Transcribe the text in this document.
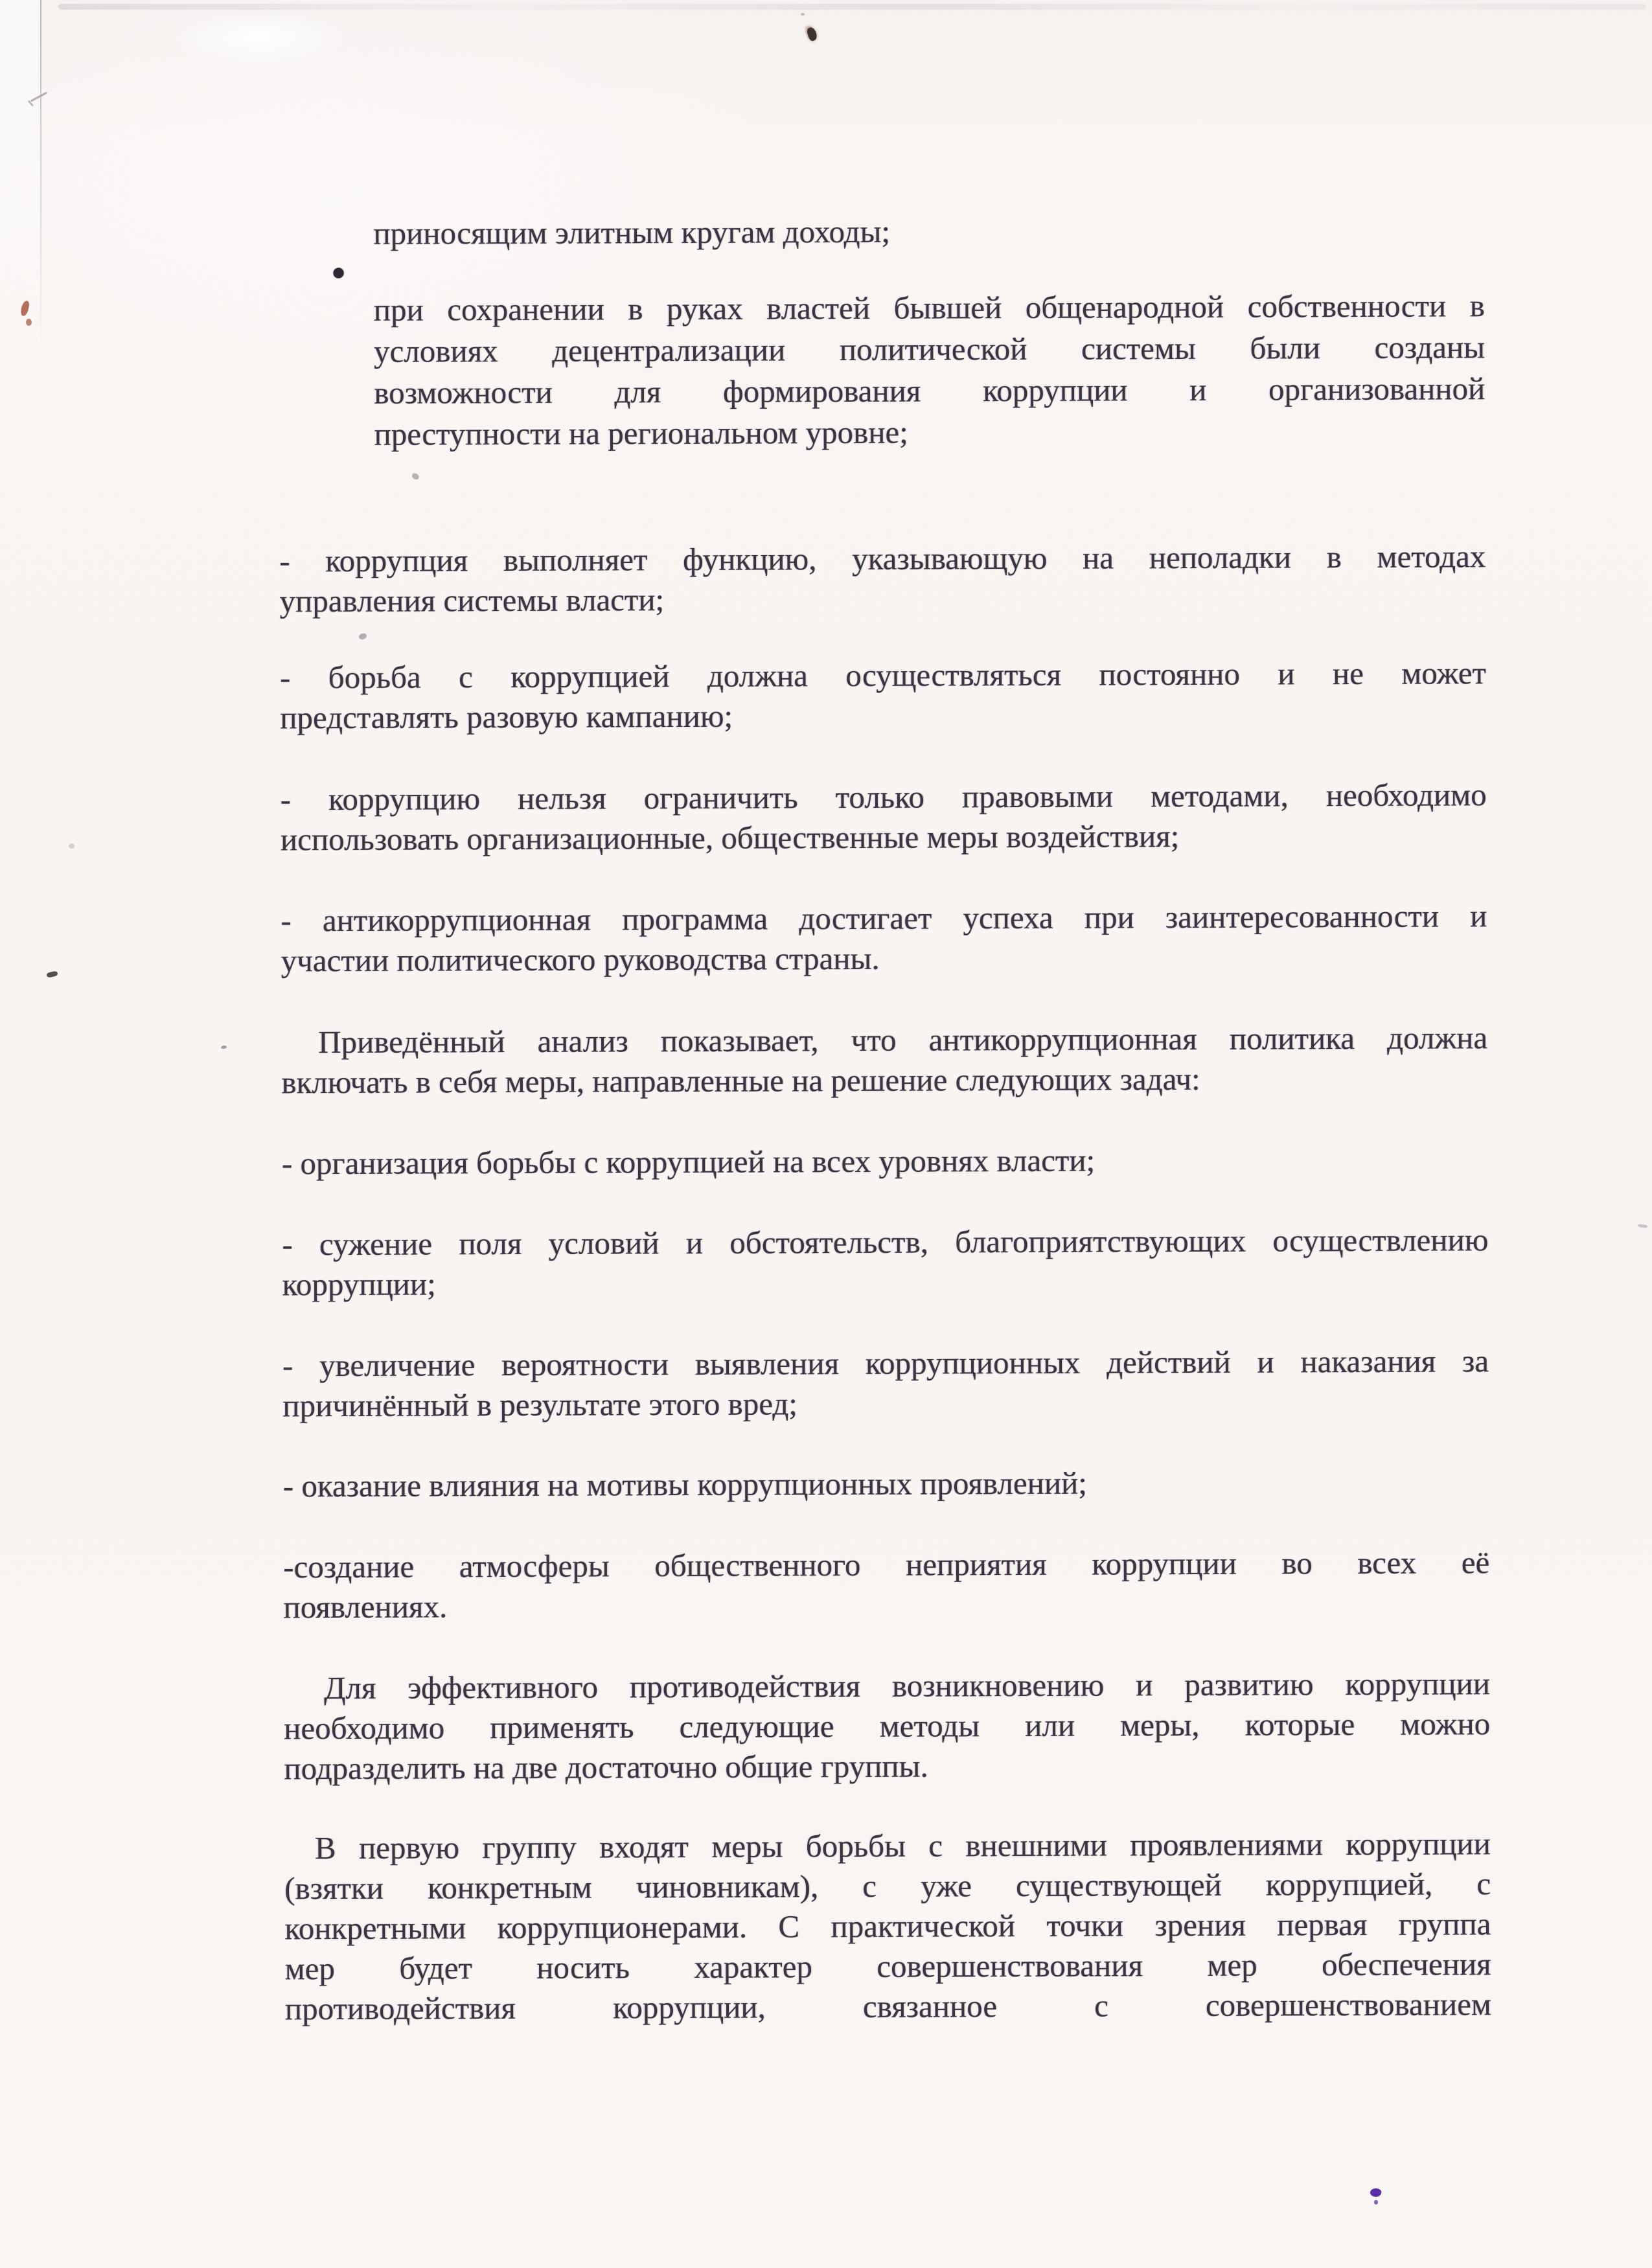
приносящим элитным кругам доходы;
•
при сохранении в руках властей бывшей общенародной собственности в
условиях децентрализации политической системы были созданы
возможности для формирования коррупции и организованной
преступности на региональном уровне;
- коррупция выполняет функцию, указывающую на неполадки в методах
управления системы власти;
- борьба с коррупцией должна осуществляться постоянно и не может
представлять разовую кампанию;
- коррупцию нельзя ограничить только правовыми методами, необходимо
использовать организационные, общественные меры воздействия;
- антикоррупционная программа достигает успеха при заинтересованности и
участии политического руководства страны.
Приведённый анализ показывает, что антикоррупционная политика должна
включать в себя меры, направленные на решение следующих задач:
- организация борьбы с коррупцией на всех уровнях власти;
- сужение поля условий и обстоятельств, благоприятствующих осуществлению
коррупции;
- увеличение вероятности выявления коррупционных действий и наказания за
причинённый в результате этого вред;
- оказание влияния на мотивы коррупционных проявлений;
-создание атмосферы общественного неприятия коррупции во всех её
появлениях.
Для эффективного противодействия возникновению и развитию коррупции
необходимо применять следующие методы или меры, которые можно
подразделить на две достаточно общие группы.
В первую группу входят меры борьбы с внешними проявлениями коррупции
(взятки конкретным чиновникам), с уже существующей коррупцией, с
конкретными коррупционерами. С практической точки зрения первая группа
мер будет носить характер совершенствования мер обеспечения
противодействия коррупции, связанное с совершенствованием
